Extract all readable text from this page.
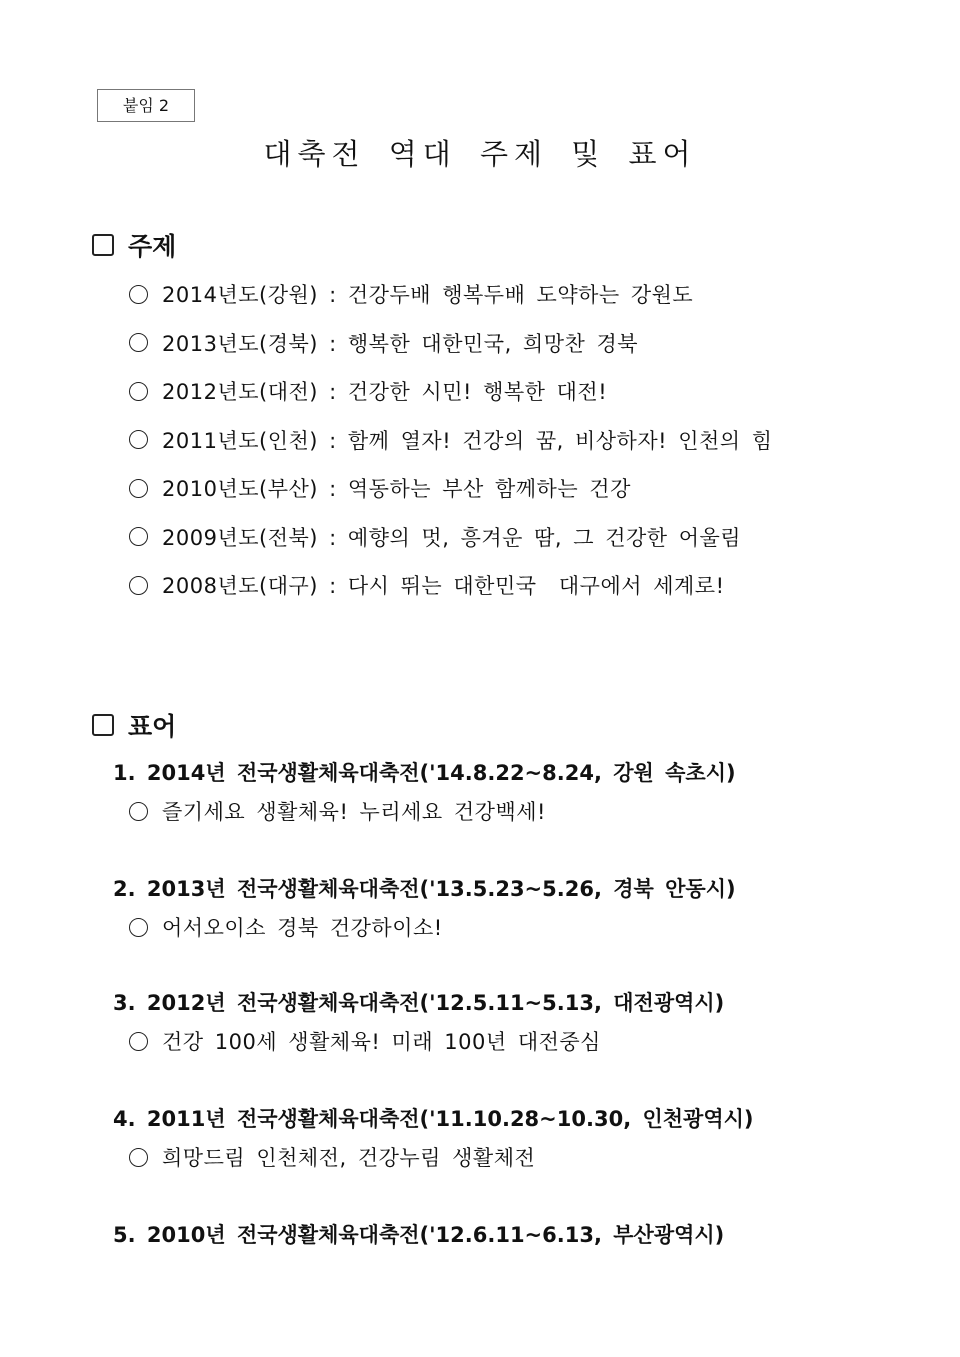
붙임 2
대축전 역대 주제 및 표어
주제
2014년도(강원) : 건강두배 행복두배 도약하는 강원도
2013년도(경북) : 행복한 대한민국, 희망찬 경북
2012년도(대전) : 건강한 시민! 행복한 대전!
2011년도(인천) : 함께 열자! 건강의 꿈, 비상하자! 인천의 힘
2010년도(부산) : 역동하는 부산 함께하는 건강
2009년도(전북) : 예향의 멋, 흥겨운 땀, 그 건강한 어울림
2008년도(대구) : 다시 뛰는 대한민국  대구에서 세계로!
표어
1. 2014년 전국생활체육대축전('14.8.22~8.24, 강원 속초시)
즐기세요 생활체육! 누리세요 건강백세!
2. 2013년 전국생활체육대축전('13.5.23~5.26, 경북 안동시)
어서오이소 경북 건강하이소!
3. 2012년 전국생활체육대축전('12.5.11~5.13, 대전광역시)
건강 100세 생활체육! 미래 100년 대전중심
4. 2011년 전국생활체육대축전('11.10.28~10.30, 인천광역시)
희망드림 인천체전, 건강누림 생활체전
5. 2010년 전국생활체육대축전('12.6.11~6.13, 부산광역시)
